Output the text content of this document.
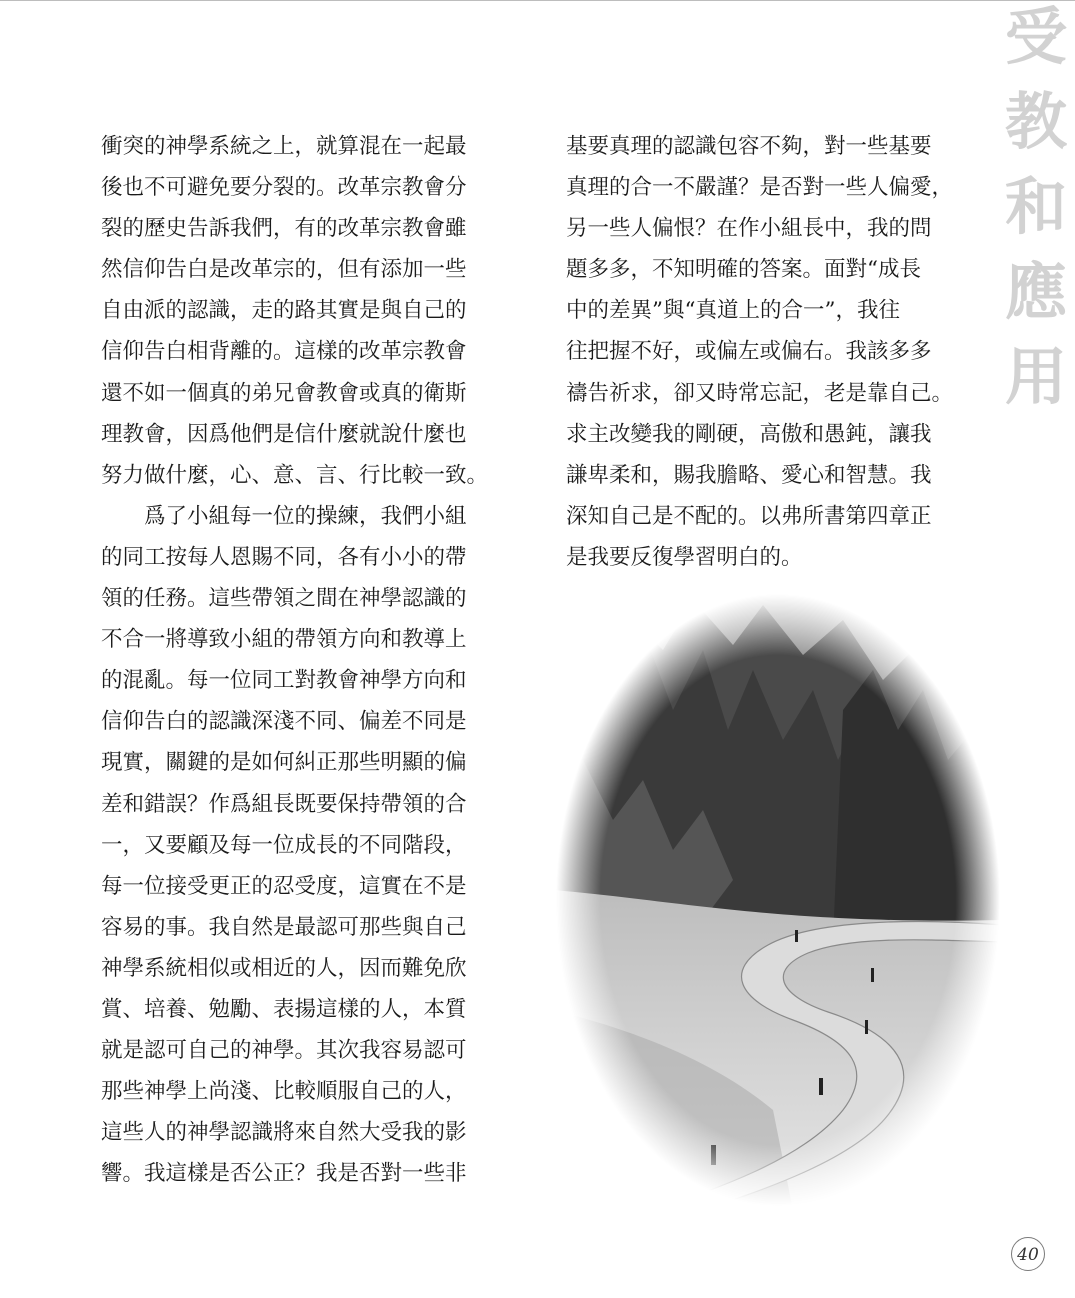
受
教
和
應
用
衝突的神學系統之上，就算混在一起最
後也不可避免要分裂的。改革宗教會分
裂的歷史告訴我們，有的改革宗教會雖
然信仰告白是改革宗的，但有添加一些
自由派的認識，走的路其實是與自己的
信仰告白相背離的。這樣的改革宗教會
還不如一個真的弟兄會教會或真的衛斯
理教會，因爲他們是信什麼就說什麼也
努力做什麼，心、意、言、行比較一致。
爲了小組每一位的操練，我們小組
的同工按每人恩賜不同，各有小小的帶
領的任務。這些帶領之間在神學認識的
不合一將導致小組的帶領方向和教導上
的混亂。每一位同工對教會神學方向和
信仰告白的認識深淺不同、偏差不同是
現實，關鍵的是如何糾正那些明顯的偏
差和錯誤？作爲組長既要保持帶領的合
一，又要顧及每一位成長的不同階段，
每一位接受更正的忍受度，這實在不是
容易的事。我自然是最認可那些與自己
神學系統相似或相近的人，因而難免欣
賞、培養、勉勵、表揚這樣的人，本質
就是認可自己的神學。其次我容易認可
那些神學上尚淺、比較順服自己的人，
這些人的神學認識將來自然大受我的影
響。我這樣是否公正？我是否對一些非
基要真理的認識包容不夠，對一些基要
真理的合一不嚴謹？是否對一些人偏愛，
另一些人偏恨？在作小組長中，我的問
題多多，不知明確的答案。面對“成長
中的差異”與“真道上的合一”，我往
往把握不好，或偏左或偏右。我該多多
禱告祈求，卻又時常忘記，老是靠自己。
求主改變我的剛硬，高傲和愚鈍，讓我
謙卑柔和，賜我膽略、愛心和智慧。我
深知自己是不配的。以弗所書第四章正
是我要反復學習明白的。
40
